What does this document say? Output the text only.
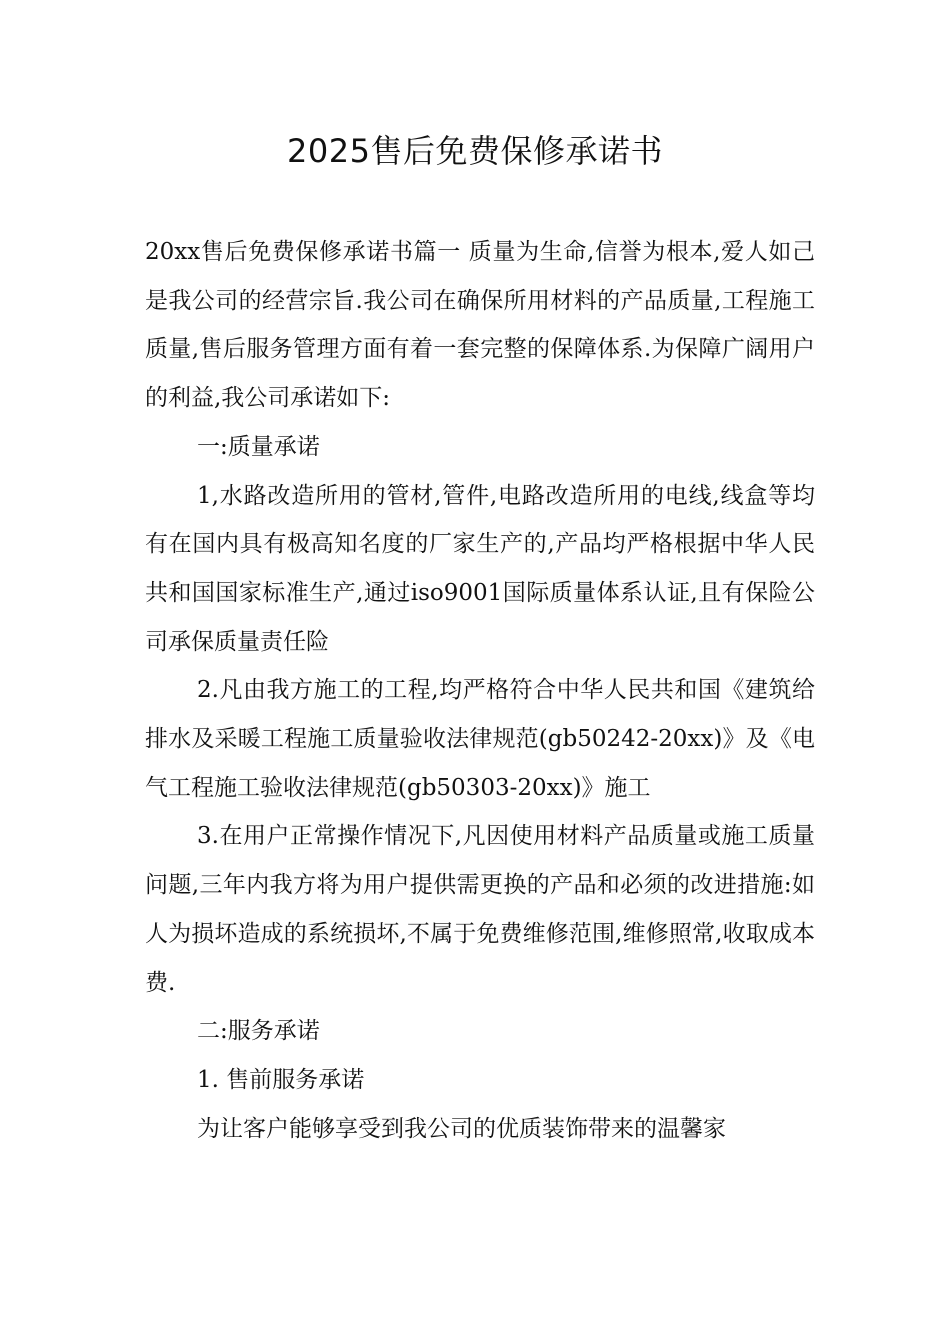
2025售后免费保修承诺书

20xx售后免费保修承诺书篇一 质量为生命,信誉为根本,爱人如己是我公司的经营宗旨.我公司在确保所用材料的产品质量,工程施工质量,售后服务管理方面有着一套完整的保障体系.为保障广阔用户的利益,我公司承诺如下:

一:质量承诺

1,水路改造所用的管材,管件,电路改造所用的电线,线盒等均有在国内具有极高知名度的厂家生产的,产品均严格根据中华人民共和国国家标准生产,通过iso9001国际质量体系认证,且有保险公司承保质量责任险

2.凡由我方施工的工程,均严格符合中华人民共和国《建筑给排水及采暖工程施工质量验收法律规范(gb50242-20xx)》及《电气工程施工验收法律规范(gb50303-20xx)》施工

3.在用户正常操作情况下,凡因使用材料产品质量或施工质量问题,三年内我方将为用户提供需更换的产品和必须的改进措施:如人为损坏造成的系统损坏,不属于免费维修范围,维修照常,收取成本费.

二:服务承诺

1. 售前服务承诺

为让客户能够享受到我公司的优质装饰带来的温馨家
